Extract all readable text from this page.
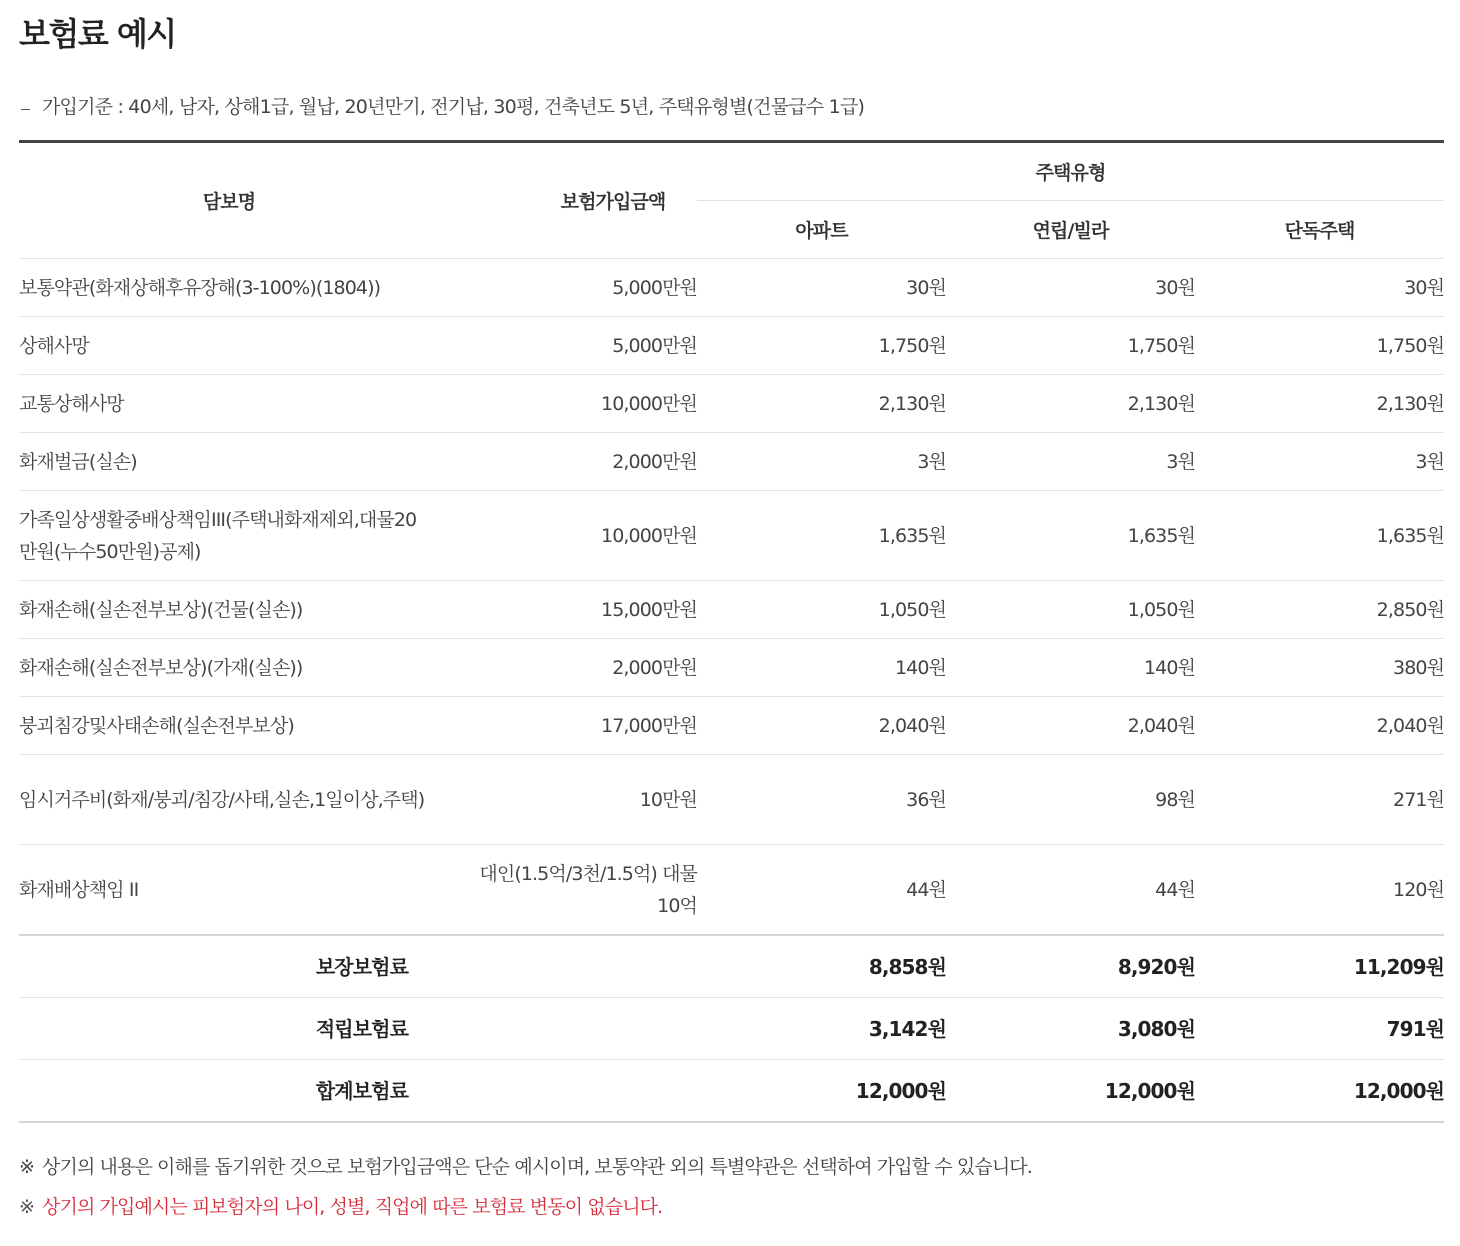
보험료 예시
가입기준 : 40세, 남자, 상해1급, 월납, 20년만기, 전기납, 30평, 건축년도 5년, 주택유형별(건물급수 1급)
담보명	보험가입금액	주택유형		
		아파트	연립/빌라	단독주택
보통약관(화재상해후유장해(3-100%)(1804))	5,000만원	30원	30원	30원
상해사망	5,000만원	1,750원	1,750원	1,750원
교통상해사망	10,000만원	2,130원	2,130원	2,130원
화재벌금(실손)	2,000만원	3원	3원	3원
가족일상생활중배상책임III(주택내화재제외,대물20만원(누수50만원)공제)	10,000만원	1,635원	1,635원	1,635원
화재손해(실손전부보상)(건물(실손))	15,000만원	1,050원	1,050원	2,850원
화재손해(실손전부보상)(가재(실손))	2,000만원	140원	140원	380원
붕괴침강및사태손해(실손전부보상)	17,000만원	2,040원	2,040원	2,040원
임시거주비(화재/붕괴/침강/사태,실손,1일이상,주택)	10만원	36원	98원	271원
화재배상책임 II	대인(1.5억/3천/1.5억) 대물 10억	44원	44원	120원
보장보험료		8,858원	8,920원	11,209원
적립보험료		3,142원	3,080원	791원
합계보험료		12,000원	12,000원	12,000원
※ 상기의 내용은 이해를 돕기위한 것으로 보험가입금액은 단순 예시이며, 보통약관 외의 특별약관은 선택하여 가입할 수 있습니다.
※ 상기의 가입예시는 피보험자의 나이, 성별, 직업에 따른 보험료 변동이 없습니다.
